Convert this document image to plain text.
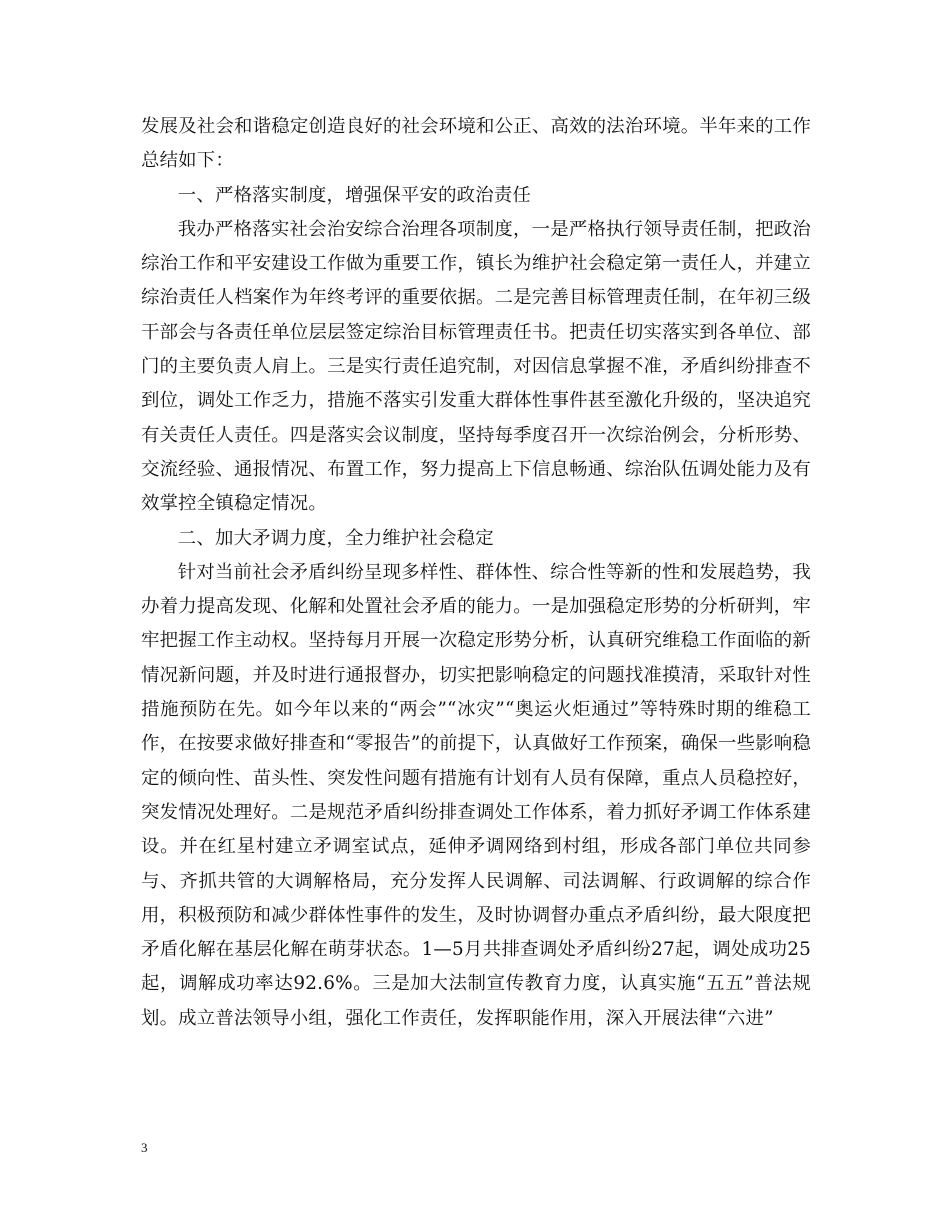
发展及社会和谐稳定创造良好的社会环境和公正、高效的法治环境。半年来的工作总结如下：

一、严格落实制度，增强保平安的政治责任

我办严格落实社会治安综合治理各项制度，一是严格执行领导责任制，把政治综治工作和平安建设工作做为重要工作，镇长为维护社会稳定第一责任人，并建立综治责任人档案作为年终考评的重要依据。二是完善目标管理责任制，在年初三级干部会与各责任单位层层签定综治目标管理责任书。把责任切实落实到各单位、部门的主要负责人肩上。三是实行责任追究制，对因信息掌握不准，矛盾纠纷排查不到位，调处工作乏力，措施不落实引发重大群体性事件甚至激化升级的，坚决追究有关责任人责任。四是落实会议制度，坚持每季度召开一次综治例会，分析形势、交流经验、通报情况、布置工作，努力提高上下信息畅通、综治队伍调处能力及有效掌控全镇稳定情况。

二、加大矛调力度，全力维护社会稳定

针对当前社会矛盾纠纷呈现多样性、群体性、综合性等新的性和发展趋势，我办着力提高发现、化解和处置社会矛盾的能力。一是加强稳定形势的分析研判，牢牢把握工作主动权。坚持每月开展一次稳定形势分析，认真研究维稳工作面临的新情况新问题，并及时进行通报督办，切实把影响稳定的问题找准摸清，采取针对性措施预防在先。如今年以来的“两会”“冰灾”“奥运火炬通过”等特殊时期的维稳工作，在按要求做好排查和“零报告”的前提下，认真做好工作预案，确保一些影响稳定的倾向性、苗头性、突发性问题有措施有计划有人员有保障，重点人员稳控好，突发情况处理好。二是规范矛盾纠纷排查调处工作体系，着力抓好矛调工作体系建设。并在红星村建立矛调室试点，延伸矛调网络到村组，形成各部门单位共同参与、齐抓共管的大调解格局，充分发挥人民调解、司法调解、行政调解的综合作用，积极预防和减少群体性事件的发生，及时协调督办重点矛盾纠纷，最大限度把矛盾化解在基层化解在萌芽状态。1—5月共排查调处矛盾纠纷27起，调处成功25起，调解成功率达92.6%。三是加大法制宣传教育力度，认真实施“五五”普法规划。成立普法领导小组，强化工作责任，发挥职能作用，深入开展法律“六进”

3
